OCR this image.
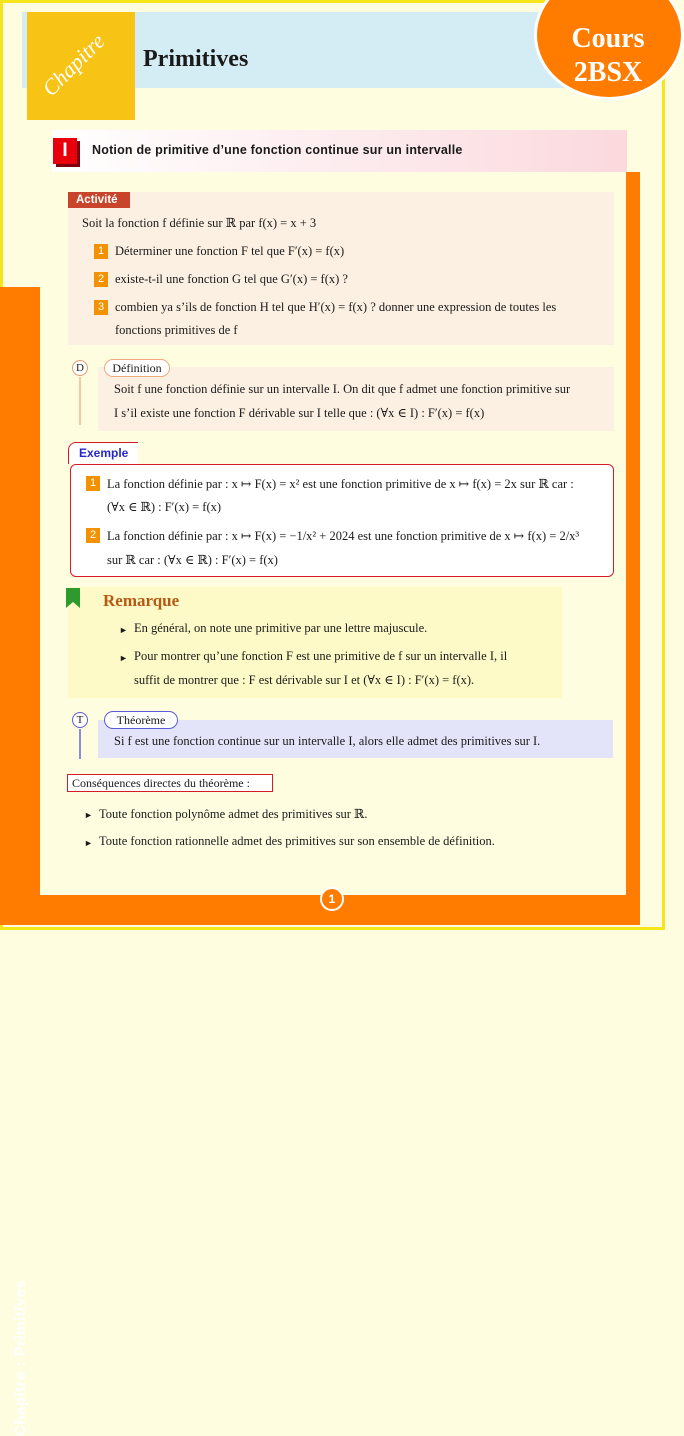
Chapitre : Primitives
Chapitre Primitives
Cours
2BSX
I	Notion de primitive d’une fonction continue sur un intervalle
Activité
Soit la fonction f définie sur ℝ par f(x) = x + 3
1 Déterminer une fonction F tel que F′(x) = f(x)
2 existe-t-il une fonction G tel que G′(x) = f(x) ?
3 combien ya s’ils de fonction H tel que H′(x) = f(x) ? donner une expression de toutes les
fonctions primitives de f
D	Définition
Soit f une fonction définie sur un intervalle I. On dit que f admet une fonction primitive sur
I s’il existe une fonction F dérivable sur I telle que : (∀x ∈ I) : F′(x) = f(x)
Exemple
1 La fonction définie par : x ↦ F(x) = x² est une fonction primitive de x ↦ f(x) = 2x sur ℝ car :
(∀x ∈ ℝ) : F′(x) = f(x)
2 La fonction définie par : x ↦ F(x) = −1/x² + 2024 est une fonction primitive de x ↦ f(x) = 2/x³
sur ℝ car : (∀x ∈ ℝ) : F′(x) = f(x)
Remarque
► En général, on note une primitive par une lettre majuscule.
► Pour montrer qu’une fonction F est une primitive de f sur un intervalle I, il
suffit de montrer que : F est dérivable sur I et (∀x ∈ I) : F′(x) = f(x).
T	Théorème
Si f est une fonction continue sur un intervalle I, alors elle admet des primitives sur I.
Conséquences directes du théorème :
► Toute fonction polynôme admet des primitives sur ℝ.
► Toute fonction rationnelle admet des primitives sur son ensemble de définition.
1
